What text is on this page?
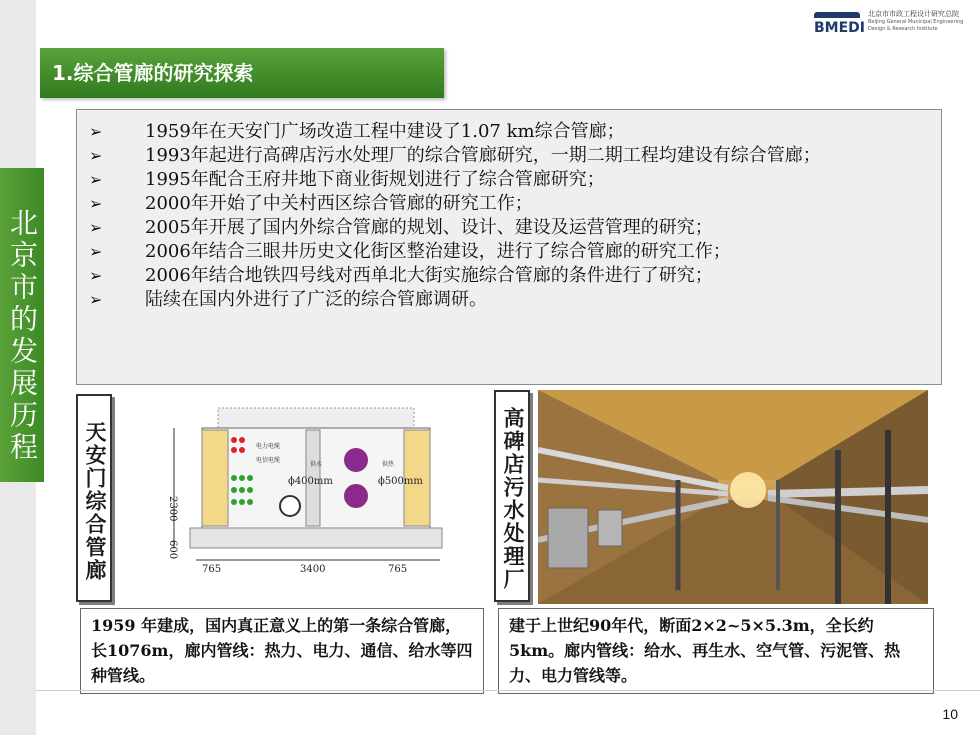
BMEDI
北京市市政工程设计研究总院
Beijing General Municipal Engineering
Design & Research Institute
1.综合管廊的研究探索
北京市的发展历程
➢ 1959年在天安门广场改造工程中建设了1.07 km综合管廊；
➢ 1993年起进行高碑店污水处理厂的综合管廊研究，一期二期工程均建设有综合管廊；
➢ 1995年配合王府井地下商业街规划进行了综合管廊研究；
➢ 2000年开始了中关村西区综合管廊的研究工作；
➢ 2005年开展了国内外综合管廊的规划、设计、建设及运营管理的研究；
➢ 2006年结合三眼井历史文化街区整治建设，进行了综合管廊的研究工作；
➢ 2006年结合地铁四号线对西单北大街实施综合管廊的条件进行了研究；
➢ 陆续在国内外进行了广泛的综合管廊调研。
天安门综合管廊	电力电缆
电信电缆
供水	供热
ϕ400mm	ϕ500mm
2300
600
765	3400	765	高碑店污水处理厂
1959 年建成，国内真正意义上的第一条综合管廊，长1076m，廊内管线：热力、电力、通信、给水等四种管线。
建于上世纪90年代，断面2×2~5×5.3m，全长约5km。廊内管线：给水、再生水、空气管、污泥管、热力、电力管线等。
10
